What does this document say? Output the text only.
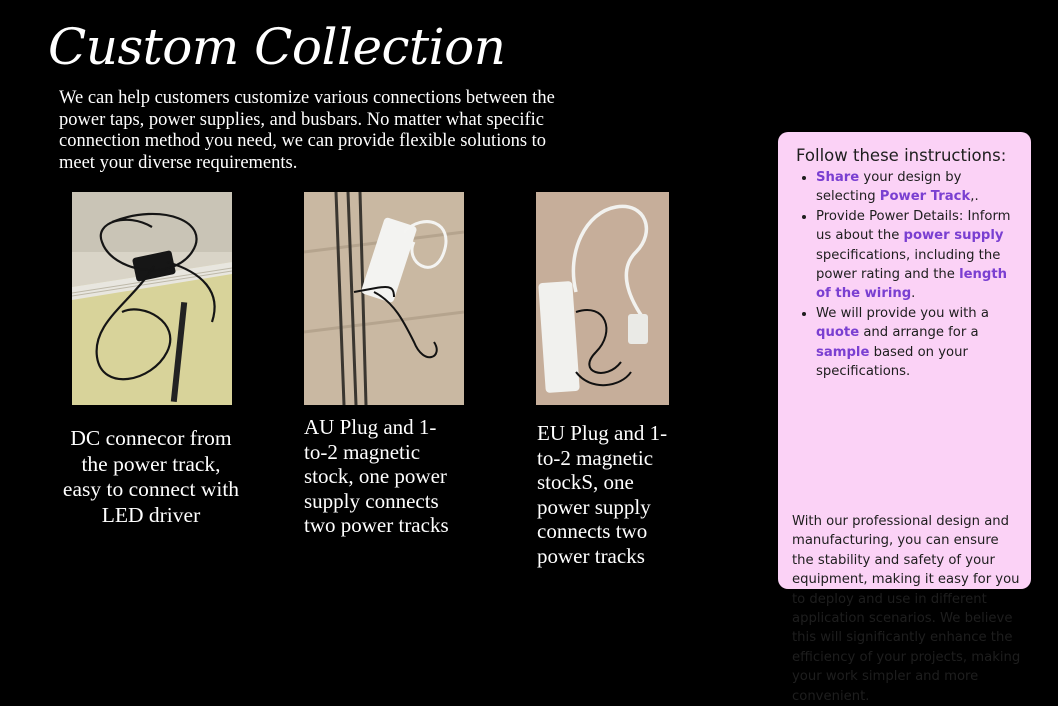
Custom Collection
We can help customers customize various connections between the power taps, power supplies, and busbars. No matter what specific connection method you need, we can provide flexible solutions to meet your diverse requirements.
DC connecor from the power track, easy to connect with LED driver
AU Plug and 1-to-2 magnetic stock, one power supply connects two power tracks
EU Plug and 1-to-2 magnetic stockS, one power supply connects two power tracks
Follow these instructions:
• Share your design by selecting Power Track,.
• Provide Power Details: Inform us about the power supply specifications, including the power rating and the length of the wiring.
• We will provide you with a quote and arrange for a sample based on your specifications.

With our professional design and manufacturing, you can ensure the stability and safety of your equipment, making it easy for you to deploy and use in different application scenarios. We believe this will significantly enhance the efficiency of your projects, making your work simpler and more convenient.
